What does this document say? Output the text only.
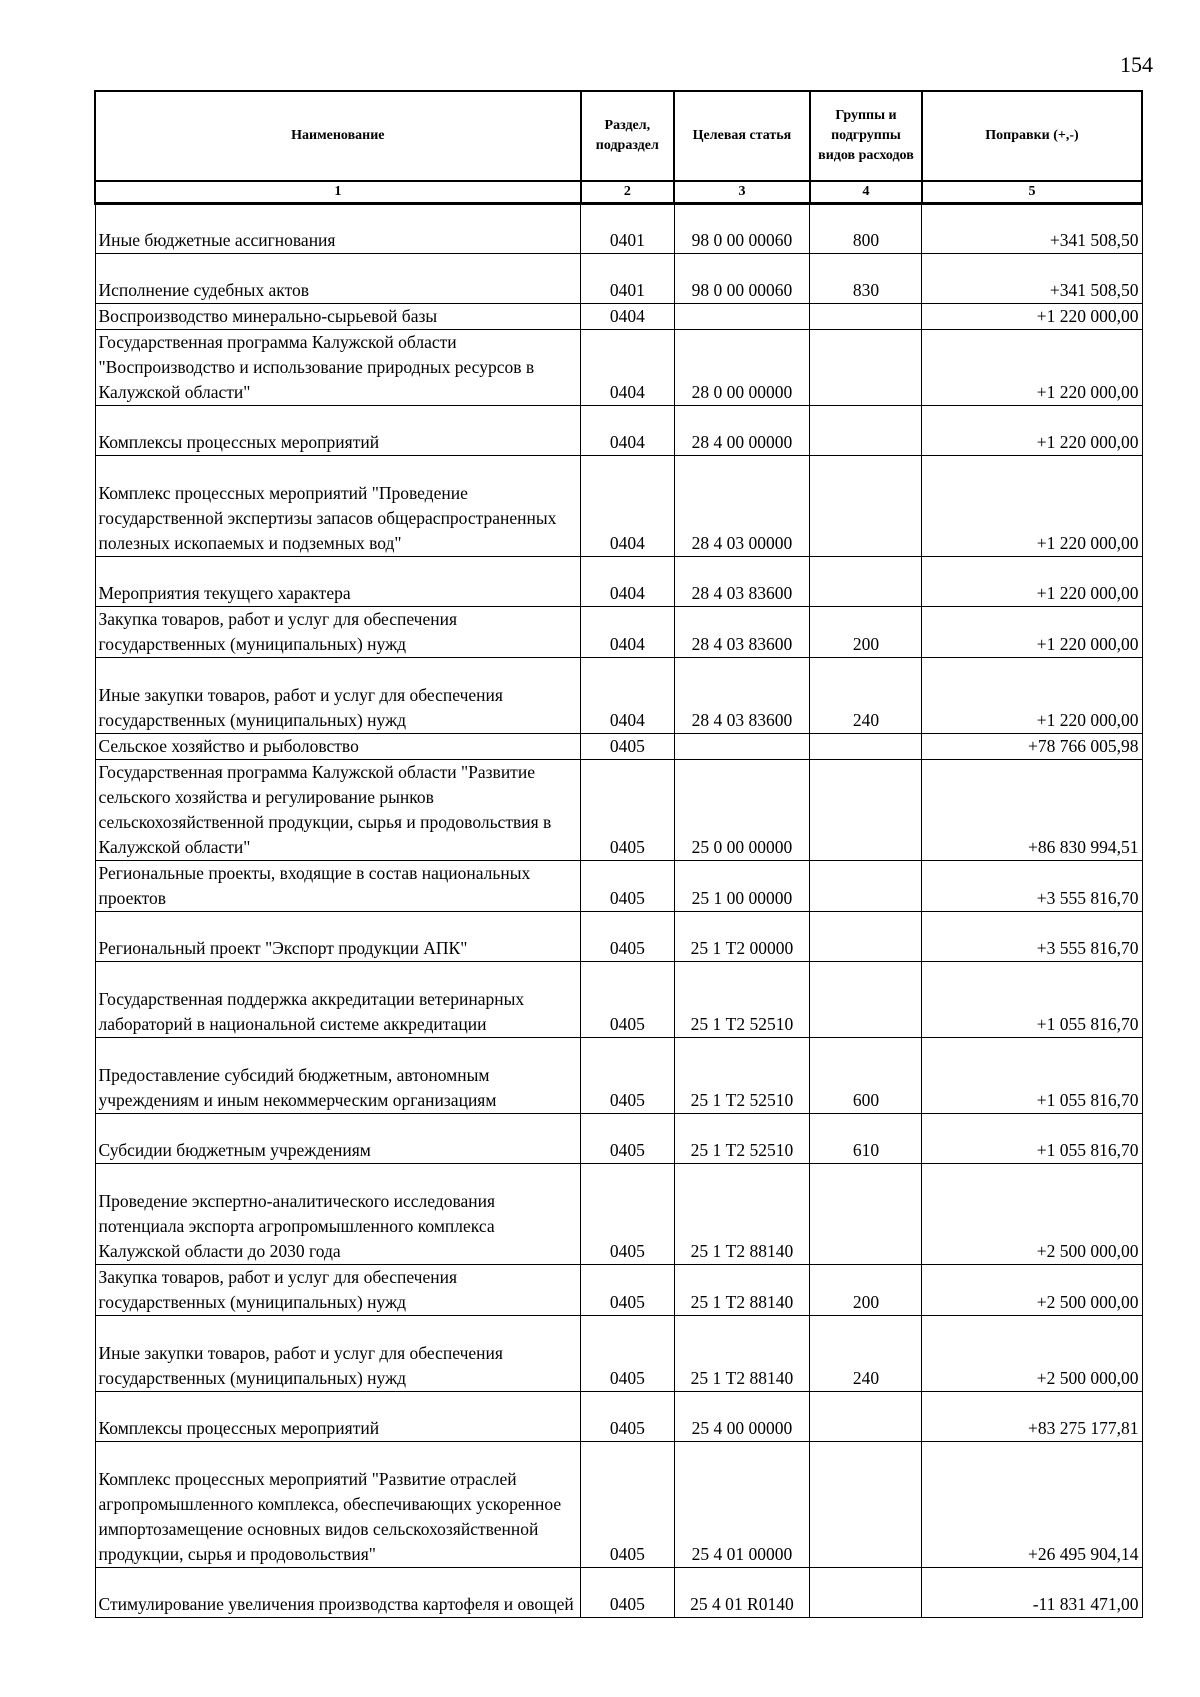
154
Наименование	Раздел, подраздел	Целевая статья	Группы и подгруппы видов расходов	Поправки (+,-)
1	2	3	4	5
Иные бюджетные ассигнования	0401	98 0 00 00060	800	+341 508,50
Исполнение судебных актов	0401	98 0 00 00060	830	+341 508,50
Воспроизводство минерально-сырьевой базы	0404			+1 220 000,00
Государственная программа Калужской области "Воспроизводство и использование природных ресурсов в Калужской области"	0404	28 0 00 00000		+1 220 000,00
Комплексы процессных мероприятий	0404	28 4 00 00000		+1 220 000,00
Комплекс процессных мероприятий "Проведение государственной экспертизы запасов общераспространенных полезных ископаемых и подземных вод"	0404	28 4 03 00000		+1 220 000,00
Мероприятия текущего характера	0404	28 4 03 83600		+1 220 000,00
Закупка товаров, работ и услуг для обеспечения государственных (муниципальных) нужд	0404	28 4 03 83600	200	+1 220 000,00
Иные закупки товаров, работ и услуг для обеспечения государственных (муниципальных) нужд	0404	28 4 03 83600	240	+1 220 000,00
Сельское хозяйство и рыболовство	0405			+78 766 005,98
Государственная программа Калужской области "Развитие сельского хозяйства и регулирование рынков сельскохозяйственной продукции, сырья и продовольствия в Калужской области"	0405	25 0 00 00000		+86 830 994,51
Региональные проекты, входящие в состав национальных проектов	0405	25 1 00 00000		+3 555 816,70
Региональный проект "Экспорт продукции АПК"	0405	25 1 Т2 00000		+3 555 816,70
Государственная поддержка аккредитации ветеринарных лабораторий в национальной системе аккредитации	0405	25 1 Т2 52510		+1 055 816,70
Предоставление субсидий бюджетным, автономным учреждениям и иным некоммерческим организациям	0405	25 1 Т2 52510	600	+1 055 816,70
Субсидии бюджетным учреждениям	0405	25 1 Т2 52510	610	+1 055 816,70
Проведение экспертно-аналитического исследования потенциала экспорта агропромышленного комплекса Калужской области до 2030 года	0405	25 1 Т2 88140		+2 500 000,00
Закупка товаров, работ и услуг для обеспечения государственных (муниципальных) нужд	0405	25 1 Т2 88140	200	+2 500 000,00
Иные закупки товаров, работ и услуг для обеспечения государственных (муниципальных) нужд	0405	25 1 Т2 88140	240	+2 500 000,00
Комплексы процессных мероприятий	0405	25 4 00 00000		+83 275 177,81
Комплекс процессных мероприятий "Развитие отраслей агропромышленного комплекса, обеспечивающих ускоренное импортозамещение основных видов сельскохозяйственной продукции, сырья и продовольствия"	0405	25 4 01 00000		+26 495 904,14
Стимулирование увеличения производства картофеля и овощей	0405	25 4 01 R0140		-11 831 471,00
